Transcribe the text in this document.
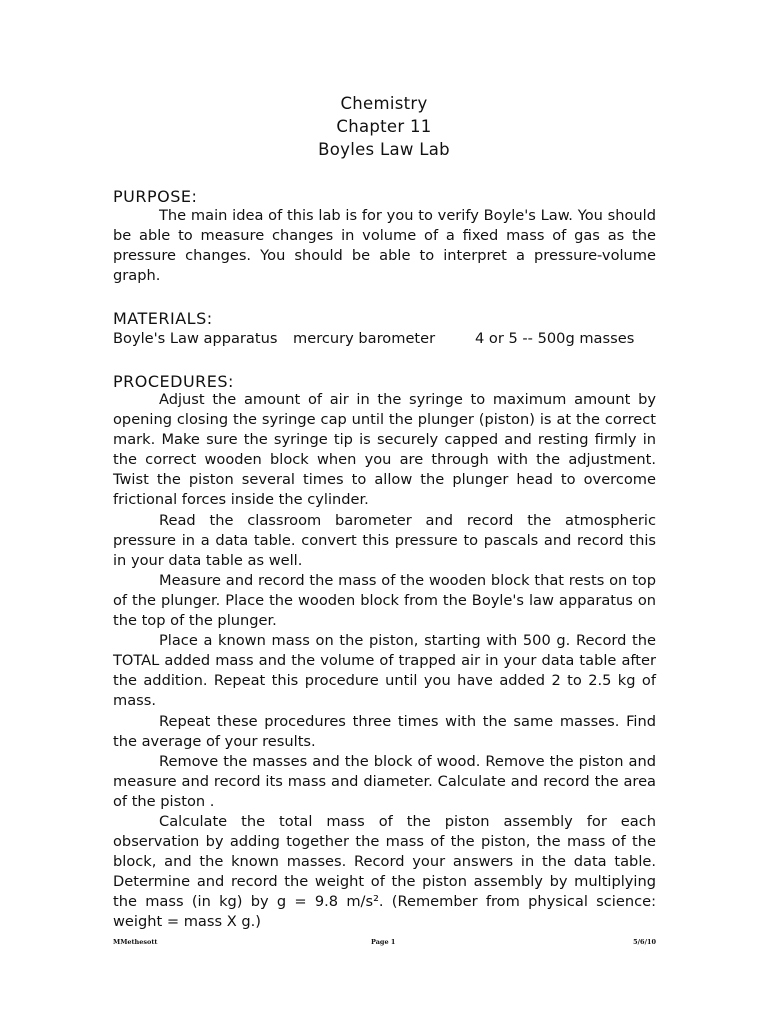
Chemistry
Chapter 11
Boyles Law Lab
PURPOSE:

The main idea of this lab is for you to verify Boyle's Law. You should be able to measure changes in volume of a fixed mass of gas as the pressure changes. You should be able to interpret a pressure-volume graph.

MATERIALS:
Boyle's Law apparatus mercury barometer	4 or 5 -- 500g masses
PROCEDURES:

Adjust the amount of air in the syringe to maximum amount by opening closing the syringe cap until the plunger (piston) is at the correct mark. Make sure the syringe tip is securely capped and resting firmly in the correct wooden block when you are through with the adjustment. Twist the piston several times to allow the plunger head to overcome frictional forces inside the cylinder.

Read the classroom barometer and record the atmospheric pressure in a data table. convert this pressure to pascals and record this in your data table as well.

Measure and record the mass of the wooden block that rests on top of the plunger. Place the wooden block from the Boyle's law apparatus on the top of the plunger.

Place a known mass on the piston, starting with 500 g. Record the TOTAL added mass and the volume of trapped air in your data table after the addition. Repeat this procedure until you have added 2 to 2.5 kg of mass.

Repeat these procedures three times with the same masses. Find the average of your results.

Remove the masses and the block of wood. Remove the piston and measure and record its mass and diameter. Calculate and record the area of the piston .

Calculate the total mass of the piston assembly for each observation by adding together the mass of the piston, the mass of the block, and the known masses. Record your answers in the data table. Determine and record the weight of the piston assembly by multiplying the mass (in kg) by g = 9.8 m/s². (Remember from physical science: weight = mass X g.)

MMethesott	Page 1	5/6/10
